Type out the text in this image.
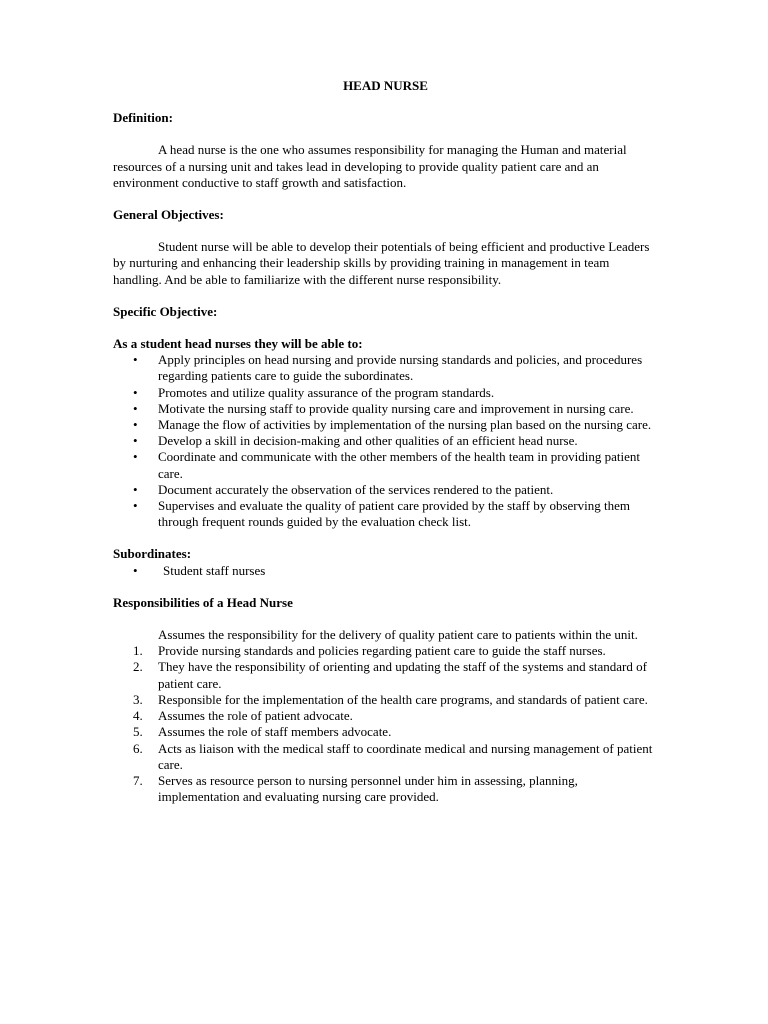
HEAD NURSE

Definition:

A head nurse is the one who assumes responsibility for managing the Human and material resources of a nursing unit and takes lead in developing to provide quality patient care and an environment conductive to staff growth and satisfaction.

General Objectives:

Student nurse will be able to develop their potentials of being efficient and productive Leaders by nurturing and enhancing their leadership skills by providing training in management in team handling. And be able to familiarize with the different nurse responsibility.

Specific Objective:

As a student head nurses they will be able to:

• Apply principles on head nursing and provide nursing standards and policies, and procedures regarding patients care to guide the subordinates.
• Promotes and utilize quality assurance of the program standards.
• Motivate the nursing staff to provide quality nursing care and improvement in nursing care.
• Manage the flow of activities by implementation of the nursing plan based on the nursing care.
• Develop a skill in decision-making and other qualities of an efficient head nurse.
• Coordinate and communicate with the other members of the health team in providing patient care.
• Document accurately the observation of the services rendered to the patient.
• Supervises and evaluate the quality of patient care provided by the staff by observing them through frequent rounds guided by the evaluation check list.

Subordinates:

• Student staff nurses

Responsibilities of a Head Nurse

Assumes the responsibility for the delivery of quality patient care to patients within the unit.

1.	Provide nursing standards and policies regarding patient care to guide the staff nurses.
2.	They have the responsibility of orienting and updating the staff of the systems and standard of patient care.
3.	Responsible for the implementation of the health care programs, and standards of patient care.
4.	Assumes the role of patient advocate.
5.	Assumes the role of staff members advocate.
6.	Acts as liaison with the medical staff to coordinate medical and nursing management of patient care.
7.	Serves as resource person to nursing personnel under him in assessing, planning, implementation and evaluating nursing care provided.
